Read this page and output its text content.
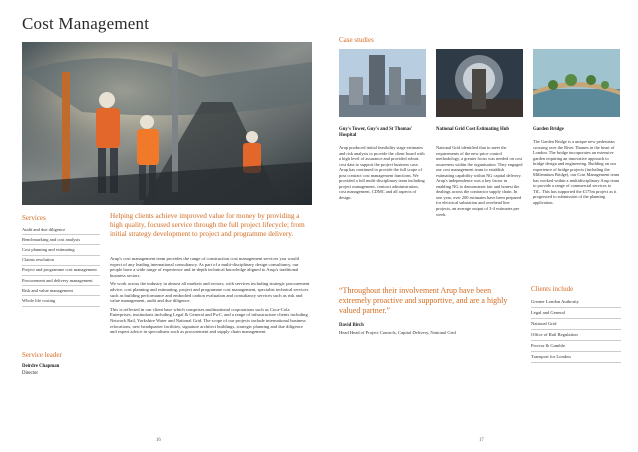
Cost Management
Services
Audit and due diligence
Benchmarking and cost analysis
Cost planning and estimating
Claims resolution
Project and programme cost management
Procurement and delivery management
Risk and value management
Whole life costing
Service leader
Deirdre Chapman
Director
Helping clients achieve improved value for money by providing a high quality, focused service through the full project lifecycle; from initial strategy development to project and programme delivery.

Arup's cost management team provides the range of construction cost management services you would expect of any leading international consultancy. As part of a multi-disciplinary design consultancy, our people have a wide range of experience and in-depth technical knowledge aligned to Arup's traditional business sectors.

We work across the industry in almost all markets and sectors, with services including strategic procurement advice, cost planning and estimating, project and programme cost management, specialist technical services such as building performance and embodied carbon evaluation and consultancy services such as risk and value management, audit and due diligence.

This is reflected in our client base which comprises multinational corporations such as Coca-Cola Enterprises, institutions including Legal & General and PwC, and a range of infrastructure clients including Network Rail, Yorkshire Water and National Grid. The scope of our projects include international business relocations, new headquarter facilities, signature architect buildings, strategic planning and due diligence and expert advice in specialisms such as procurement and supply chain management.

16
Case studies
Guy's Tower, Guy's and St Thomas' Hospital
Arup produced initial feasibility stage estimates and risk analysis to provide the client board with a high level of assurance and provided robust cost data to support the project business case. Arup has continued to provide the full scope of post contract cost management functions. We provided a full multi-disciplinary team including project management, contract administration, cost management, CDMC and all aspects of design.
National Grid Cost Estimating Hub
National Grid identified that to meet the requirements of the new price control methodology, a greater focus was needed on cost awareness within the organisation. They engaged our cost management team to establish estimating capability within NG capital delivery. Arup's independence was a key factor in enabling NG to demonstrate fair and honest the dealings across the contractor supply chain. In one year, over 200 estimates have been prepared for electrical substation and overhead line projects, an average output of 3-4 estimates per week.
Garden Bridge
The Garden Bridge is a unique new pedestrian crossing over the River Thames in the heart of London. The bridge incorporates an extensive garden requiring an innovative approach to bridge design and engineering. Building on our experience of bridge projects (including the Millennium Bridge), our Cost Management team has worked within a multidisciplinary Arup team to provide a range of commercial services to TfL. This has supported the £175m project as it progressed to submission of the planning application.
“Throughout their involvement Arup have been extremely proactive and supportive, and are a highly valued partner.”
David Birch
Head Head of Project Controls, Capital Delivery, National Grid
Clients include
Greater London Authority
Legal and General
National Grid
Office of Rail Regulation
Proctor & Gamble
Transport for London
17
